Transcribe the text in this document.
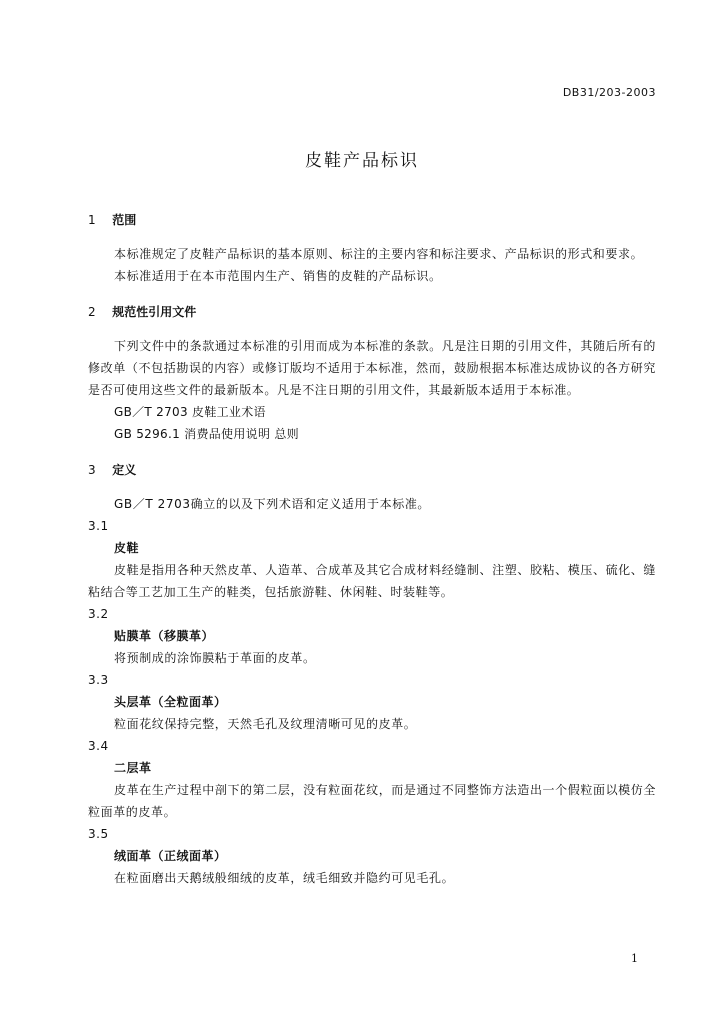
DB31/203-2003
皮鞋产品标识
1 范围

本标准规定了皮鞋产品标识的基本原则、标注的主要内容和标注要求、产品标识的形式和要求。

本标准适用于在本市范围内生产、销售的皮鞋的产品标识。

2 规范性引用文件

下列文件中的条款通过本标准的引用而成为本标准的条款。凡是注日期的引用文件，其随后所有的修改单（不包括勘误的内容）或修订版均不适用于本标准，然而，鼓励根据本标准达成协议的各方研究是否可使用这些文件的最新版本。凡是不注日期的引用文件，其最新版本适用于本标准。

GB／T 2703 皮鞋工业术语
GB 5296.1 消费品使用说明 总则
3 定义

GB／T 2703确立的以及下列术语和定义适用于本标准。

3.1
皮鞋

皮鞋是指用各种天然皮革、人造革、合成革及其它合成材料经缝制、注塑、胶粘、模压、硫化、缝粘结合等工艺加工生产的鞋类，包括旅游鞋、休闲鞋、时装鞋等。

3.2
贴膜革（移膜革）

将预制成的涂饰膜粘于革面的皮革。

3.3
头层革（全粒面革）

粒面花纹保持完整，天然毛孔及纹理清晰可见的皮革。

3.4
二层革

皮革在生产过程中剖下的第二层，没有粒面花纹，而是通过不同整饰方法造出一个假粒面以模仿全粒面革的皮革。

3.5
绒面革（正绒面革）

在粒面磨出天鹅绒般细绒的皮革，绒毛细致并隐约可见毛孔。

1
